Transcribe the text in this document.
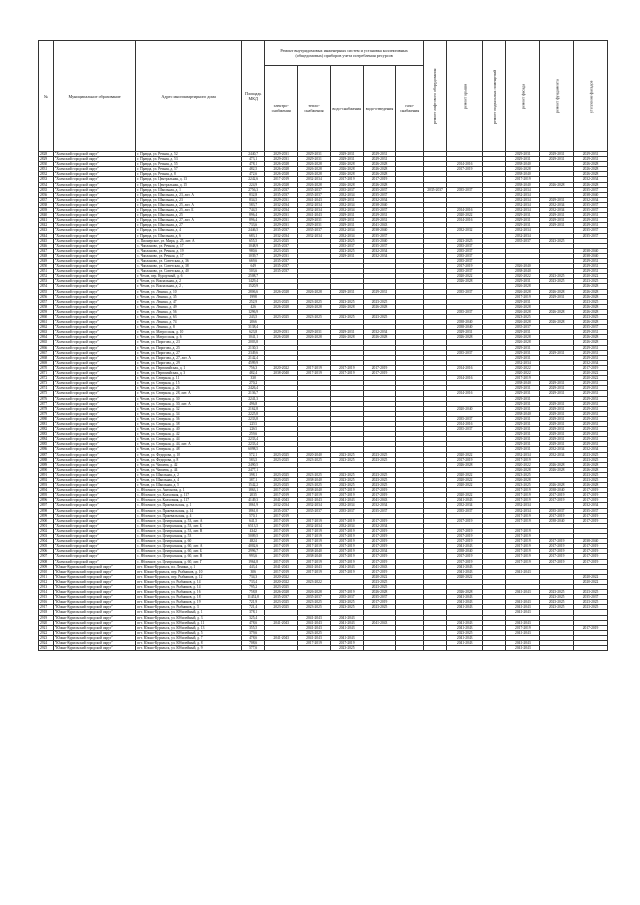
№	Муниципальное образование	Адрес многоквартирного дома	Площадь МКД	Ремонт внутридомовых инженерных систем и установка коллективных (общедомовых) приборов учета потребления ресурсов					ремонт лифтового оборудования	ремонт крыши	ремонт подвальных помещений	ремонт фасада	ремонт фундамента	утепление фасадов
				электро-снабжения	тепло-снабжения	водо-снабжения	водо-отведения	газо-снабжения						
2828	"Холмский городской округ"	г. Правда, ул. Речная, д. 52	2440,7	2029-2031	2029-2031	2029-2031	2029-2031					2029-2031	2029-2031	2029-2031
2829	"Холмский городской округ"	г. Правда, ул. Речная, д. 53	473,1	2029-2031	2029-2031	2029-2031	2029-2031					2029-2031	2029-2031	2029-2031
2830	"Холмский городской округ"	г. Правда, ул. Речная, д. 55	478,1	2026-2028	2026-2028	2026-2028	2026-2028			2014-2016		2038-2040		2026-2028
2831	"Холмский городской округ"	г. Правда, ул. Речная, д. 57	482,5	2026-2028	2026-2028	2026-2028	2026-2028			2017-2019		2026-2028		2026-2028
2832	"Холмский городской округ"	г. Правда, ул. Речная, д. 8	472,6	2026-2028	2026-2028	2026-2028	2026-2028					2038-2040		2026-2028
2833	"Холмский городской округ"	г. Правда, ул. Центральная, д. 13	2242,6	2017-2019	2032-2034	2017-2019	2017-2019					2017-2019		2032-2034
2834	"Холмский городской округ"	г. Правда, ул. Центральная, д. 15	224,9	2026-2028	2026-2028	2026-2028	2026-2028					2038-2040	2026-2028	2026-2028
2835	"Холмский городской округ"	г. Правда, ул. Школьная, д. 1	2756,3	2035-2037	2035-2037	2035-2037	2035-2037		2035-2037	2035-2037		2032-2034		2035-2037
2836	"Холмский городской округ"	г. Правда, ул. Школьная, д. 23, лит. А	832,8	2035-2037	2035-2037	2032-2034	2035-2037					2032-2034		2038-2040
2837	"Холмский городской округ"	г. Правда, ул. Школьная, д. 23	834,5	2029-2031	2041-2043	2029-2031	2032-2034					2032-2034	2029-2031	2032-2034
2838	"Холмский городской округ"	г. Правда, ул. Школьная, д. 25, лит. А	583,7	2032-2034	2032-2034	2032-2034	2038-2040					2032-2034	2032-2034	2035-2037
2839	"Холмский городской округ"	г. Правда, ул. Школьная, д. 25, лит. Б	744,5	2032-2034	2032-2034	2032-2034	2035-2037			2014-2016		2032-2034	2032-2034	2035-2037
2840	"Холмский городской округ"	г. Правда, ул. Школьная, д. 25	896,4	2029-2031	2041-2043	2029-2031	2029-2031			2020-2022		2029-2031	2029-2031	2029-2031
2841	"Холмский городской округ"	г. Правда, ул. Школьная, д. 27, лит. А	896,4	2029-2031	2029-2031	2029-2031	2029-2031			2014-2016		2029-2031	2029-2031	2029-2031
2842	"Холмский городской округ"	г. Правда, ул. Школьная, д. 27	733,6	2029-2031	2029-2031	2029-2031	2041-2043					2029-2031	2029-2031	2029-2031
2843	"Холмский городской округ"	г. Правда, ул. Школьная, д. 4	2446,5	2035-2037	2035-2037	2032-2034	2038-2040			2032-2032		2032-2034		2035-2037
2844	"Холмский городской округ"	г. Правда, ул. Школьная, д. 6	683,1	2032-2034	2032-2034	2032-2034	2035-2037					2032-2034		2035-2037
2845	"Холмский городской округ"	с. Пионерское, ул. Мира, д. 25, лит. А	655,5	2023-2025		2023-2025	2035-2040			2023-2025		2035-2037	2023-2025	
2846	"Холмский городской округ"	с. Чапланово, ул. Речная, д. 17	1048,9	2035-2037		2035-2037	2035-2037			2035-2037				
2847	"Холмский городской округ"	с. Чапланово, ул. Речная, д. 19	980,6	2023-2025		2023-2025	2032-2034			2035-2037				2038-2040
2848	"Холмский городской округ"	с. Чапланово, ул. Речная, д. 17	1039,7	2029-2031		2029-2031	2032-2034			2035-2037				2038-2040
2849	"Холмский городской округ"	с. Чапланово, ул. Советская, д. 36	669,6	2035-2037						2035-2037				2029-2031
2850	"Холмский городской округ"	с. Чапланово, ул. Советская, д. 38	649	2035-2037						2017-2019		2026-2040		2029-2031
2851	"Холмский городской округ"	с. Чапланово, ул. Советская, д. 40	503,6	2035-2037						2035-2037		2038-2040		2029-2031
2852	"Холмский городской округ"	г. Чехов, пер. Курортный, д. 6	2508,7							2020-2022		2020-2022	2023-2025	2020-2022
2853	"Холмский городской округ"	г. Чехов, ул. Вокзальная, д. 2	1429,4							2026-2028		2029-2031	2023-2025	2023-2025
2854	"Холмский городской округ"	г. Чехов, ул. Вокзальная, д. 2 ,	1520,9									2026-2028		2026-2028
2855	"Холмский городской округ"	г. Чехов, ул. Ленина, д. 10	2806,6	2026-2028	2026-2028	2029-2031	2029-2031			2035-2037		2026-2028	2026-2028	2026-2028
2856	"Холмский городской округ"	г. Чехов, ул. Ленина, д. 35	1998									2017-2019	2029-2031	2026-2028
2857	"Холмский городской округ"	г. Чехов, ул. Ленина, д. 47	252,9	2023-2025	2023-2025	2023-2025	2023-2025					2029-2031		2023-2025
2858	"Холмский городской округ"	г. Чехов, ул. Ленина, д. 49	426	2026-2028	2026-2028	2026-2028	2026-2028					2026-2028		2026-2028
2859	"Холмский городской округ"	г. Чехов, ул. Ленина, д. 56	1296,9							2035-2037		2026-2028	2026-2028	2026-2028
2860	"Холмский городской округ"	г. Чехов, ул. Ленина, д. 63	243,5	2023-2025	2023-2025	2023-2025	2023-2025					2023-2025		2023-2025
2861	"Холмский городской округ"	г. Чехов, ул. Ленина, д. 74	2066							2038-2040		2026-2028	2026-2028	2026-2028
2862	"Холмский городской округ"	г. Чехов, ул. Ленина, д. 8	3138,4							2038-2040		2035-2037		2035-2037
2863	"Холмский городской округ"	г. Чехов, ул. Матросская, д. 10	623,8	2029-2031	2029-2031	2029-2031	2032-2034			2029-2031		2029-2031		2029-2031
2864	"Холмский городской округ"	г. Чехов, ул. Матросская, д. 6	1041,1	2026-2028	2026-2028	2026-2028	2026-2028			2026-2028		2026-2028		2026-2028
2865	"Холмский городской округ"	г. Чехов, ул. Пирогова, д. 23	2003,8									2026-2028		2026-2028
2866	"Холмский городской округ"	г. Чехов, ул. Пирогова, д. 25	2130,3									2029-2031		2029-2031
2867	"Холмский городской округ"	г. Чехов, ул. Пирогова, д. 27	2349,6							2035-2037		2029-2031	2029-2031	2029-2031
2868	"Холмский городской округ"	г. Чехов, ул. Пирогова, д. 27, лит. А	2142,4									2029-2031		2029-2031
2869	"Холмский городской округ"	г. Чехов, ул. Пирогова, д. 29	4599,9									2032-2034		2032-2034
2870	"Холмский городской округ"	г. Чехов, ул. Первомайская, д. 1	756,3	2020-2022	2017-2019	2017-2019	2017-2019			2014-2016		2020-2022		2017-2019
2871	"Холмский городской округ"	г. Чехов, ул. Первомайская, д. 3	482,4	2038-2040	2017-2019	2017-2019	2017-2019					2020-2022		2020-2022
2872	"Холмский городской округ"	г. Чехов, ул. Северная, д. 11	330							2014-2016		2017-2019		2020-2022
2873	"Холмский городской округ"	г. Чехов, ул. Северная, д. 15	270,2									2038-2040	2029-2031	2029-2031
2874	"Холмский городской округ"	г. Чехов, ул. Северная, д. 26	2426,4									2029-2031	2029-2031	2029-2031
2875	"Холмский городской округ"	г. Чехов, ул. Северная, д. 28, лит. А	2136,7							2014-2016		2029-2031	2029-2031	2029-2031
2876	"Холмский городской округ"	г. Чехов, ул. Северная, д. 30	2241,3									2029-2031		2029-2031
2877	"Холмский городской округ"	г. Чехов, ул. Северная, д. 30, лит. А	496,8									2029-2031	2029-2031	2029-2031
2878	"Холмский городской округ"	г. Чехов, ул. Северная, д. 32	2162,8							2020-2040		2029-2031	2029-2031	2029-2031
2879	"Холмский городской округ"	г. Чехов, ул. Северная, д. 34	2225,8									2038-2040	2029-2031	2029-2031
2880	"Холмский городской округ"	г. Чехов, ул. Северная, д. 36	2233,8							2035-2037		2029-2031	2029-2031	2029-2031
2881	"Холмский городской округ"	г. Чехов, ул. Северная, д. 38	2253							2014-2016		2029-2031	2029-2031	2029-2031
2882	"Холмский городской округ"	г. Чехов, ул. Северная, д. 40	2263							2035-2037		2029-2031	2029-2031	2029-2031
2883	"Холмский городской округ"	г. Чехов, ул. Северная, д. 42	259,6									2029-2031	2029-2031	2029-2031
2884	"Холмский городской округ"	г. Чехов, ул. Северная, д. 44	2233,4									2029-2031	2029-2031	2029-2031
2885	"Холмский городской округ"	г. Чехов, ул. Северная, д. 44, лит. А	2233,4									2029-2031	2029-2031	2029-2031
2886	"Холмский городской округ"	г. Чехов, ул. Северная, д. 48	6098,5									2029-2031	2032-2034	2032-2034
2887	"Холмский городской округ"	г. Чехов, ул. Федорова, д. 10	572,1	2023-2025	2020-2040	2023-2025	2023-2025			2020-2022		2032-2034	2032-2034	2023-2025
2888	"Холмский городской округ"	г. Чехов, ул. Федорова, д. 8	583,5	2023-2025	2023-2025	2023-2025	2023-2025			2017-2019		2017-2019		2023-2025
2889	"Холмский городской округ"	г. Чехов, ул. Чапаева, д. 42	2490,5							2026-2028		2020-2022	2026-2028	2026-2028
2890	"Холмский городской округ"	г. Чехов, ул. Чапаева, д. 44	2477,1									2026-2028	2026-2028	2026-2028
2891	"Холмский городской округ"	г. Чехов, ул. Школьная, д. 2	398,1	2023-2025	2023-2025	2023-2025	2023-2025			2020-2022		2023-2025		2023-2025
2892	"Холмский городской округ"	г. Чехов, ул. Школьная, д. 4	387,1	2023-2025	2038-2040	2023-2025	2023-2025			2020-2022		2026-2028		2023-2025
2893	"Холмский городской округ"	г. Чехов, ул. Школьная, д. 5	1542,2	2023-2025	2023-2025	2023-2025	2023-2025			2020-2022		2023-2025	2026-2028	2026-2028
2894	"Холмский городской округ"	с. Яблочное, ул. Антонова, д. 1	1863,1	2017-2019	2038-2040	2017-2019	2017-2019					2017-2019	2038-2040	2017-2019
2895	"Холмский городской округ"	с. Яблочное, ул. Колхозная, д. 117	2035	2017-2019	2017-2019	2017-2019	2017-2019			2020-2022		2017-2019	2017-2019	2017-2019
2896	"Холмский городской округ"	с. Яблочное, ул. Колхозная, д. 117	4149,3	2041-2043	2041-2043	2041-2043	2041-2043			2041-2043		2017-2019	2017-2019	2017-2019
2897	"Холмский городской округ"	с. Яблочное, ул. Пржевальская, д. 1	1861,9	2032-2034	2032-2034	2032-2034	2032-2034			2032-2034		2032-2034		2032-2034
2898	"Холмский городской округ"	с. Яблочное, ул. Пржевальская, д. 14	1861,0	2035-2037	2035-2037	2035-2037	2035-2037			2035-2037		2032-2034	2035-2037	2035-2037
2899	"Холмский городской округ"	с. Яблочное, ул. Пржевальская, д. 4	570,1	2017-2019								2017-2019	2017-2019	2017-2019
2900	"Холмский городской округ"	с. Яблочное, ул. Центральная, д. 53, лит. А	641,5	2017-2019	2017-2019	2017-2019	2017-2019			2017-2019		2017-2019	2038-2040	2017-2019
2901	"Холмский городской округ"	с. Яблочное, ул. Центральная, д. 53, лит. Б	6513,5	2017-2019	2032-2034	2032-2034	2032-2034							
2902	"Холмский городской округ"	с. Яблочное, ул. Центральная, д. 53, лит. В	4342	2017-2019	2017-2019	2017-2019	2017-2019			2017-2019		2017-2019		
2903	"Холмский городской округ"	с. Яблочное, ул. Центральная, д. 53	5009,5	2017-2019	2017-2019	2017-2019	2017-2019			2017-2019		2017-2019		
2904	"Холмский городской округ"	с. Яблочное, ул. Центральная, д. 60	4824	2017-2019	2017-2019	2017-2019	2017-2019			2017-2019		2017-2019	2017-2019	2038-2040
2905	"Холмский городской округ"	с. Яблочное, ул. Центральная, д. 60, лит. А	4002,6	2017-2019	2017-2019	2017-2019	2017-2019			2041-2043		2017-2019	2017-2019	2017-2019
2906	"Холмский городской округ"	с. Яблочное, ул. Центральная, д. 60, лит. Б	2996,7	2017-2019	2038-2040	2017-2019	2032-2034			2038-2040		2017-2019	2017-2019	2017-2019
2907	"Холмский городской округ"	с. Яблочное, ул. Центральная, д. 60, лит. В	993,6	2017-2019	2038-2040	2017-2019	2017-2019			2017-2019		2017-2019	2017-2019	2017-2019
2908	"Холмский городской округ"	с. Яблочное, ул. Центральная, д. 60, лит. Г	1964,8	2017-2019	2017-2019	2017-2019	2017-2019			2017-2019		2017-2019	2017-2019	2017-2019
2909	"Южно-Курильский городской округ"	пгт. Южно-Курильск, пл. Ленина, д. 1	443,4	2041-2043	2041-2043	2041-2043	2041-2043			2041-2043				
2910	"Южно-Курильский городской округ"	пгт. Южно-Курильск, пер. Рыбников, д. 10	306	2017-2019	2017-2019	2017-2019	2017-2019			2041-2043		2041-2043		
2911	"Южно-Курильский городской округ"	пгт. Южно-Курильск, пер. Рыбников, д. 12	734,3	2020-2022			2020-2022			2020-2022				2020-2022
2912	"Южно-Курильский городской округ"	пгт. Южно-Курильск, ул. Рыбников, д. 14	733,4	2020-2022	2023-2022		2023-2025							2020-2022
2913	"Южно-Курильский городской округ"	пгт. Южно-Курильск, ул. Рыбников, д. 14	795,2	2023-2025			2023-2025							
2914	"Южно-Курильский городской округ"	пгт. Южно-Курильск, ул. Рыбников, д. 16	758,8	2026-2028	2026-2028	2017-2019	2026-2028			2026-2028		2041-2043	2023-2025	2023-2025
2915	"Южно-Курильский городской округ"	пгт. Южно-Курильск, ул. Рыбников, д. 18	11452,8	2035-2037	2035-2037	2035-2037	2035-2037			2041-2043			2023-2025	2035-2037
2916	"Южно-Курильский городской округ"	пгт. Южно-Курильск, ул. Рыбников, д. 19	721,9	2023-2025	2023-2025	2023-2025	2017-2019			2041-2043		2041-2043	2023-2025	2023-2025
2917	"Южно-Курильский городской округ"	пгт. Южно-Курильск, ул. Рыбников, д. 3	721,4	2023-2025	2023-2025	2023-2025	2023-2025			2041-2043		2041-2043	2023-2025	2023-2025
2918	"Южно-Курильский городской округ"	пгт. Южно-Курильск, ул. Юбилейный, д. 1	378,1									2041-2043		
2919	"Южно-Курильский городской округ"	пгт. Южно-Курильск, ул. Юбилейный, д. 3	325,4		2041-2043	2041-2043								
2920	"Южно-Курильский городской округ"	пгт. Южно-Курильск, ул. Юбилейный, д. 11	478,6	2041-2043	2041-2043	2041-2043	2041-2043			2041-2043		2041-2043		
2921	"Южно-Курильский городской округ"	пгт. Южно-Курильск, ул. Юбилейный, д. 13	355,5		2041-2043	2041-2043				2041-2043		2017-2019		2017-2019
2922	"Южно-Курильский городской округ"	пгт. Южно-Курильск, ул. Юбилейный, д. 5	379,6		2023-2025					2023-2025		2041-2043		
2923	"Южно-Курильский городской округ"	пгт. Южно-Курильск, ул. Юбилейный, д. 7	478,6	2041-2043	2041-2043	2041-2043				2041-2043				
2924	"Южно-Курильский городской округ"	пгт. Южно-Курильск, ул. Юбилейный, д. 8	708,6		2017-2019	2017-2019				2041-2043		2041-2043		
2925	"Южно-Курильский городской округ"	пгт. Южно-Курильск, ул. Юбилейный, д. 9	577,6			2023-2025						2041-2043		
